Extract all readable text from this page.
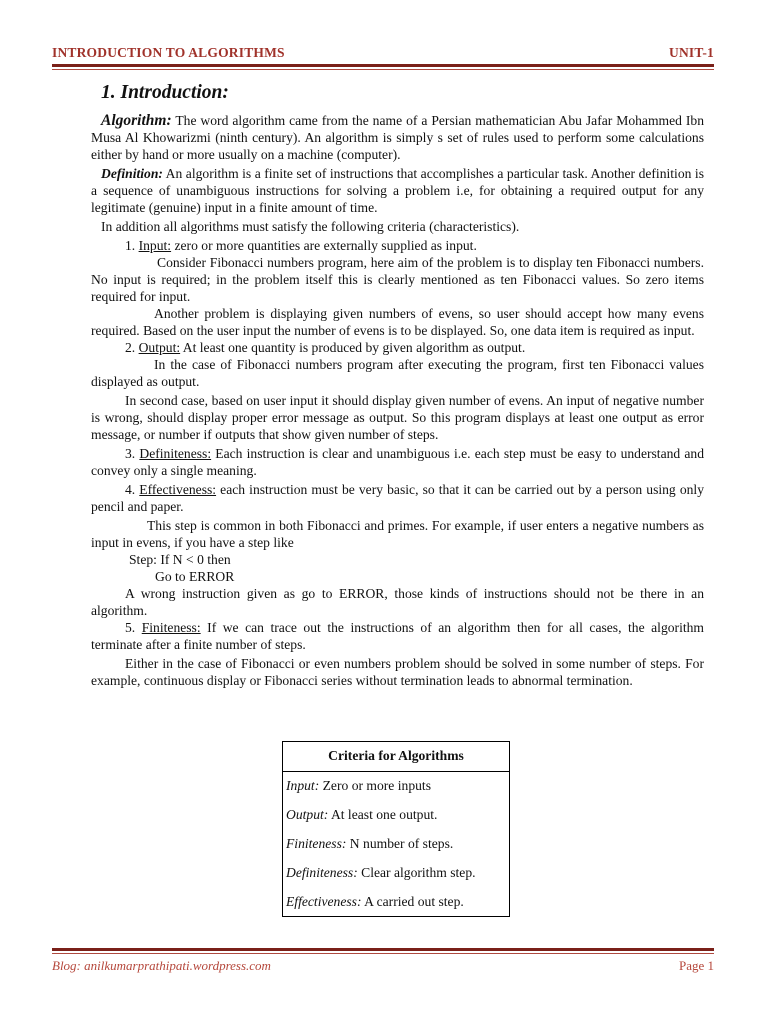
INTRODUCTION TO ALGORITHMS	UNIT-1
1. Introduction:

Algorithm: The word algorithm came from the name of a Persian mathematician Abu Jafar Mohammed Ibn Musa Al Khowarizmi (ninth century). An algorithm is simply s set of rules used to perform some calculations either by hand or more usually on a machine (computer).

Definition: An algorithm is a finite set of instructions that accomplishes a particular task. Another definition is a sequence of unambiguous instructions for solving a problem i.e, for obtaining a required output for any legitimate (genuine) input in a finite amount of time.

In addition all algorithms must satisfy the following criteria (characteristics).

1. Input: zero or more quantities are externally supplied as input.

Consider Fibonacci numbers program, here aim of the problem is to display ten Fibonacci numbers. No input is required; in the problem itself this is clearly mentioned as ten Fibonacci values. So zero items required for input.

Another problem is displaying given numbers of evens, so user should accept how many evens required. Based on the user input the number of evens is to be displayed. So, one data item is required as input.

2. Output: At least one quantity is produced by given algorithm as output.

In the case of Fibonacci numbers program after executing the program, first ten Fibonacci values displayed as output.

In second case, based on user input it should display given number of evens. An input of negative number is wrong, should display proper error message as output. So this program displays at least one output as error message, or number if outputs that show given number of steps.

3. Definiteness: Each instruction is clear and unambiguous i.e. each step must be easy to understand and convey only a single meaning.

4. Effectiveness: each instruction must be very basic, so that it can be carried out by a person using only pencil and paper.

This step is common in both Fibonacci and primes. For example, if user enters a negative numbers as input in evens, if you have a step like

Step: If N < 0 then

Go to ERROR

A wrong instruction given as go to ERROR, those kinds of instructions should not be there in an algorithm.

5. Finiteness: If we can trace out the instructions of an algorithm then for all cases, the algorithm terminate after a finite number of steps.

Either in the case of Fibonacci or even numbers problem should be solved in some number of steps. For example, continuous display or Fibonacci series without termination leads to abnormal termination.

Criteria for Algorithms
Input: Zero or more inputs
Output: At least one output.
Finiteness: N number of steps.
Definiteness: Clear algorithm step.
Effectiveness: A carried out step.
Blog: anilkumarprathipati.wordpress.com	Page 1
